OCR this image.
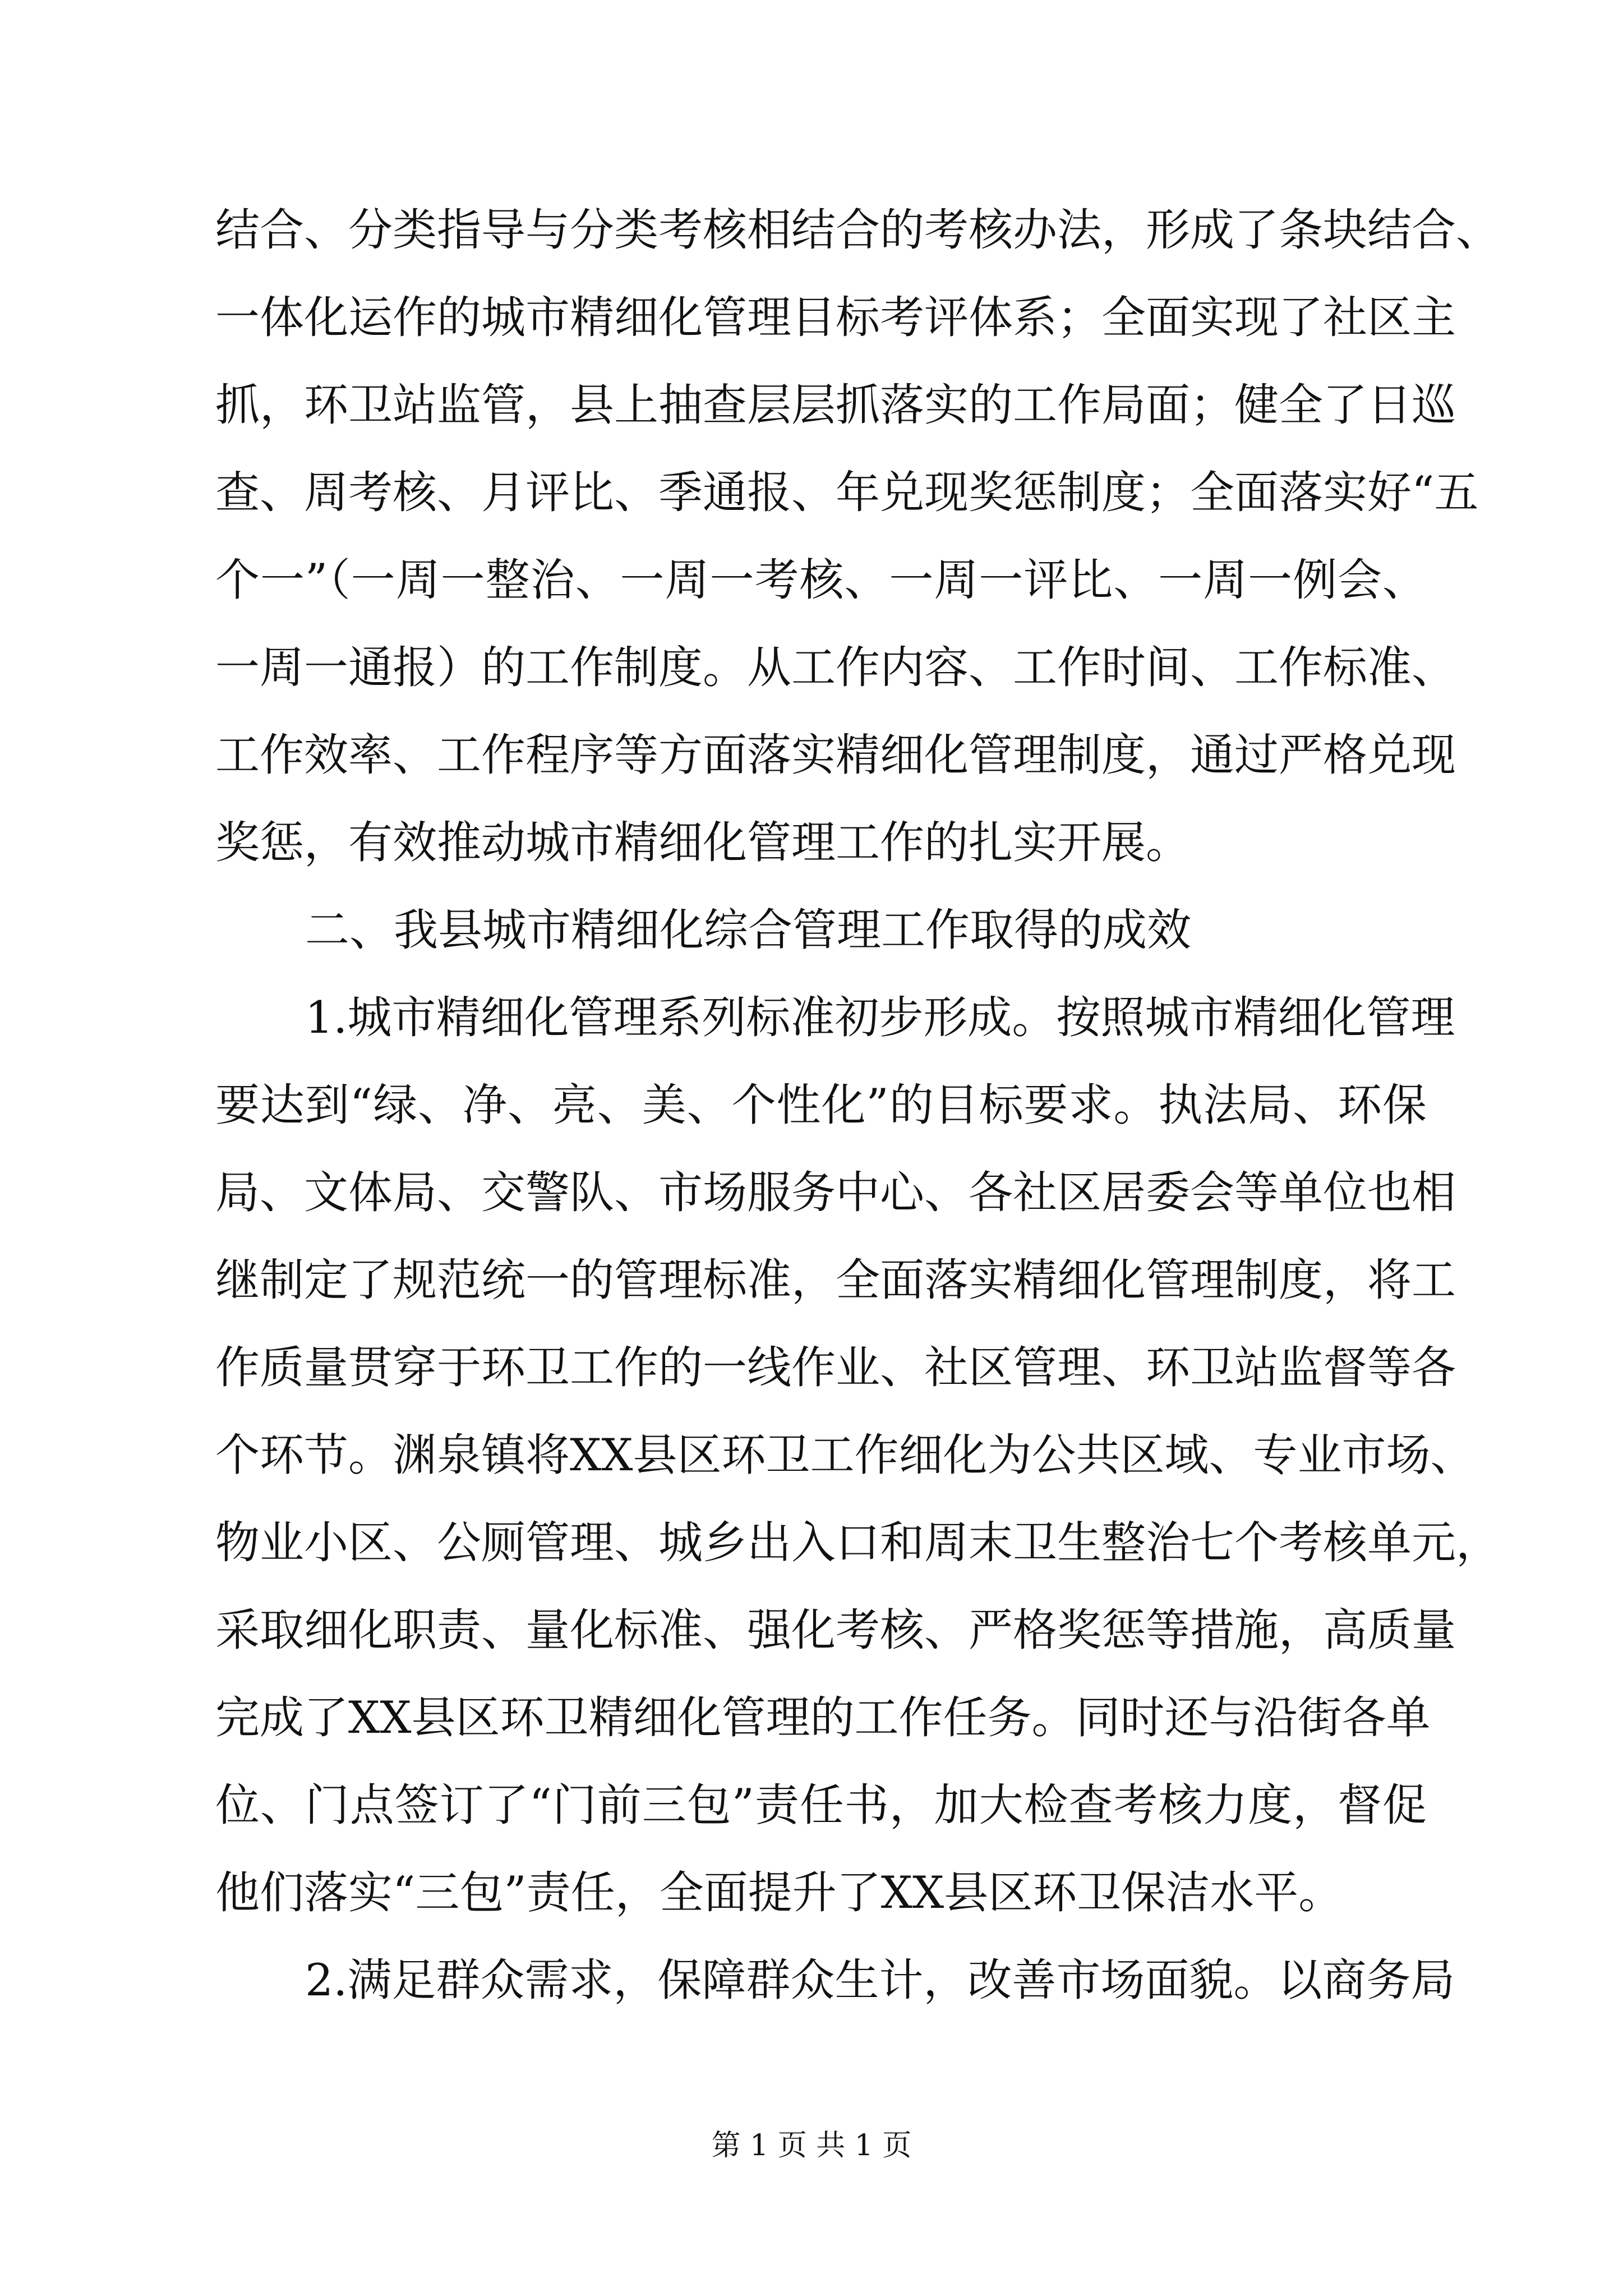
结合、分类指导与分类考核相结合的考核办法，形成了条块结合、
一体化运作的城市精细化管理目标考评体系；全面实现了社区主
抓，环卫站监管，县上抽查层层抓落实的工作局面；健全了日巡
查、周考核、月评比、季通报、年兑现奖惩制度；全面落实好“五
个一”（一周一整治、一周一考核、一周一评比、一周一例会、
一周一通报）的工作制度。从工作内容、工作时间、工作标准、
工作效率、工作程序等方面落实精细化管理制度，通过严格兑现
奖惩，有效推动城市精细化管理工作的扎实开展。
二、我县城市精细化综合管理工作取得的成效
1.城市精细化管理系列标准初步形成。按照城市精细化管理
要达到“绿、净、亮、美、个性化”的目标要求。执法局、环保
局、文体局、交警队、市场服务中心、各社区居委会等单位也相
继制定了规范统一的管理标准，全面落实精细化管理制度，将工
作质量贯穿于环卫工作的一线作业、社区管理、环卫站监督等各
个环节。渊泉镇将XX县区环卫工作细化为公共区域、专业市场、
物业小区、公厕管理、城乡出入口和周末卫生整治七个考核单元，
采取细化职责、量化标准、强化考核、严格奖惩等措施，高质量
完成了XX县区环卫精细化管理的工作任务。同时还与沿街各单
位、门点签订了“门前三包”责任书，加大检查考核力度，督促
他们落实“三包”责任，全面提升了XX县区环卫保洁水平。
2.满足群众需求，保障群众生计，改善市场面貌。以商务局
第 1 页 共 1 页
